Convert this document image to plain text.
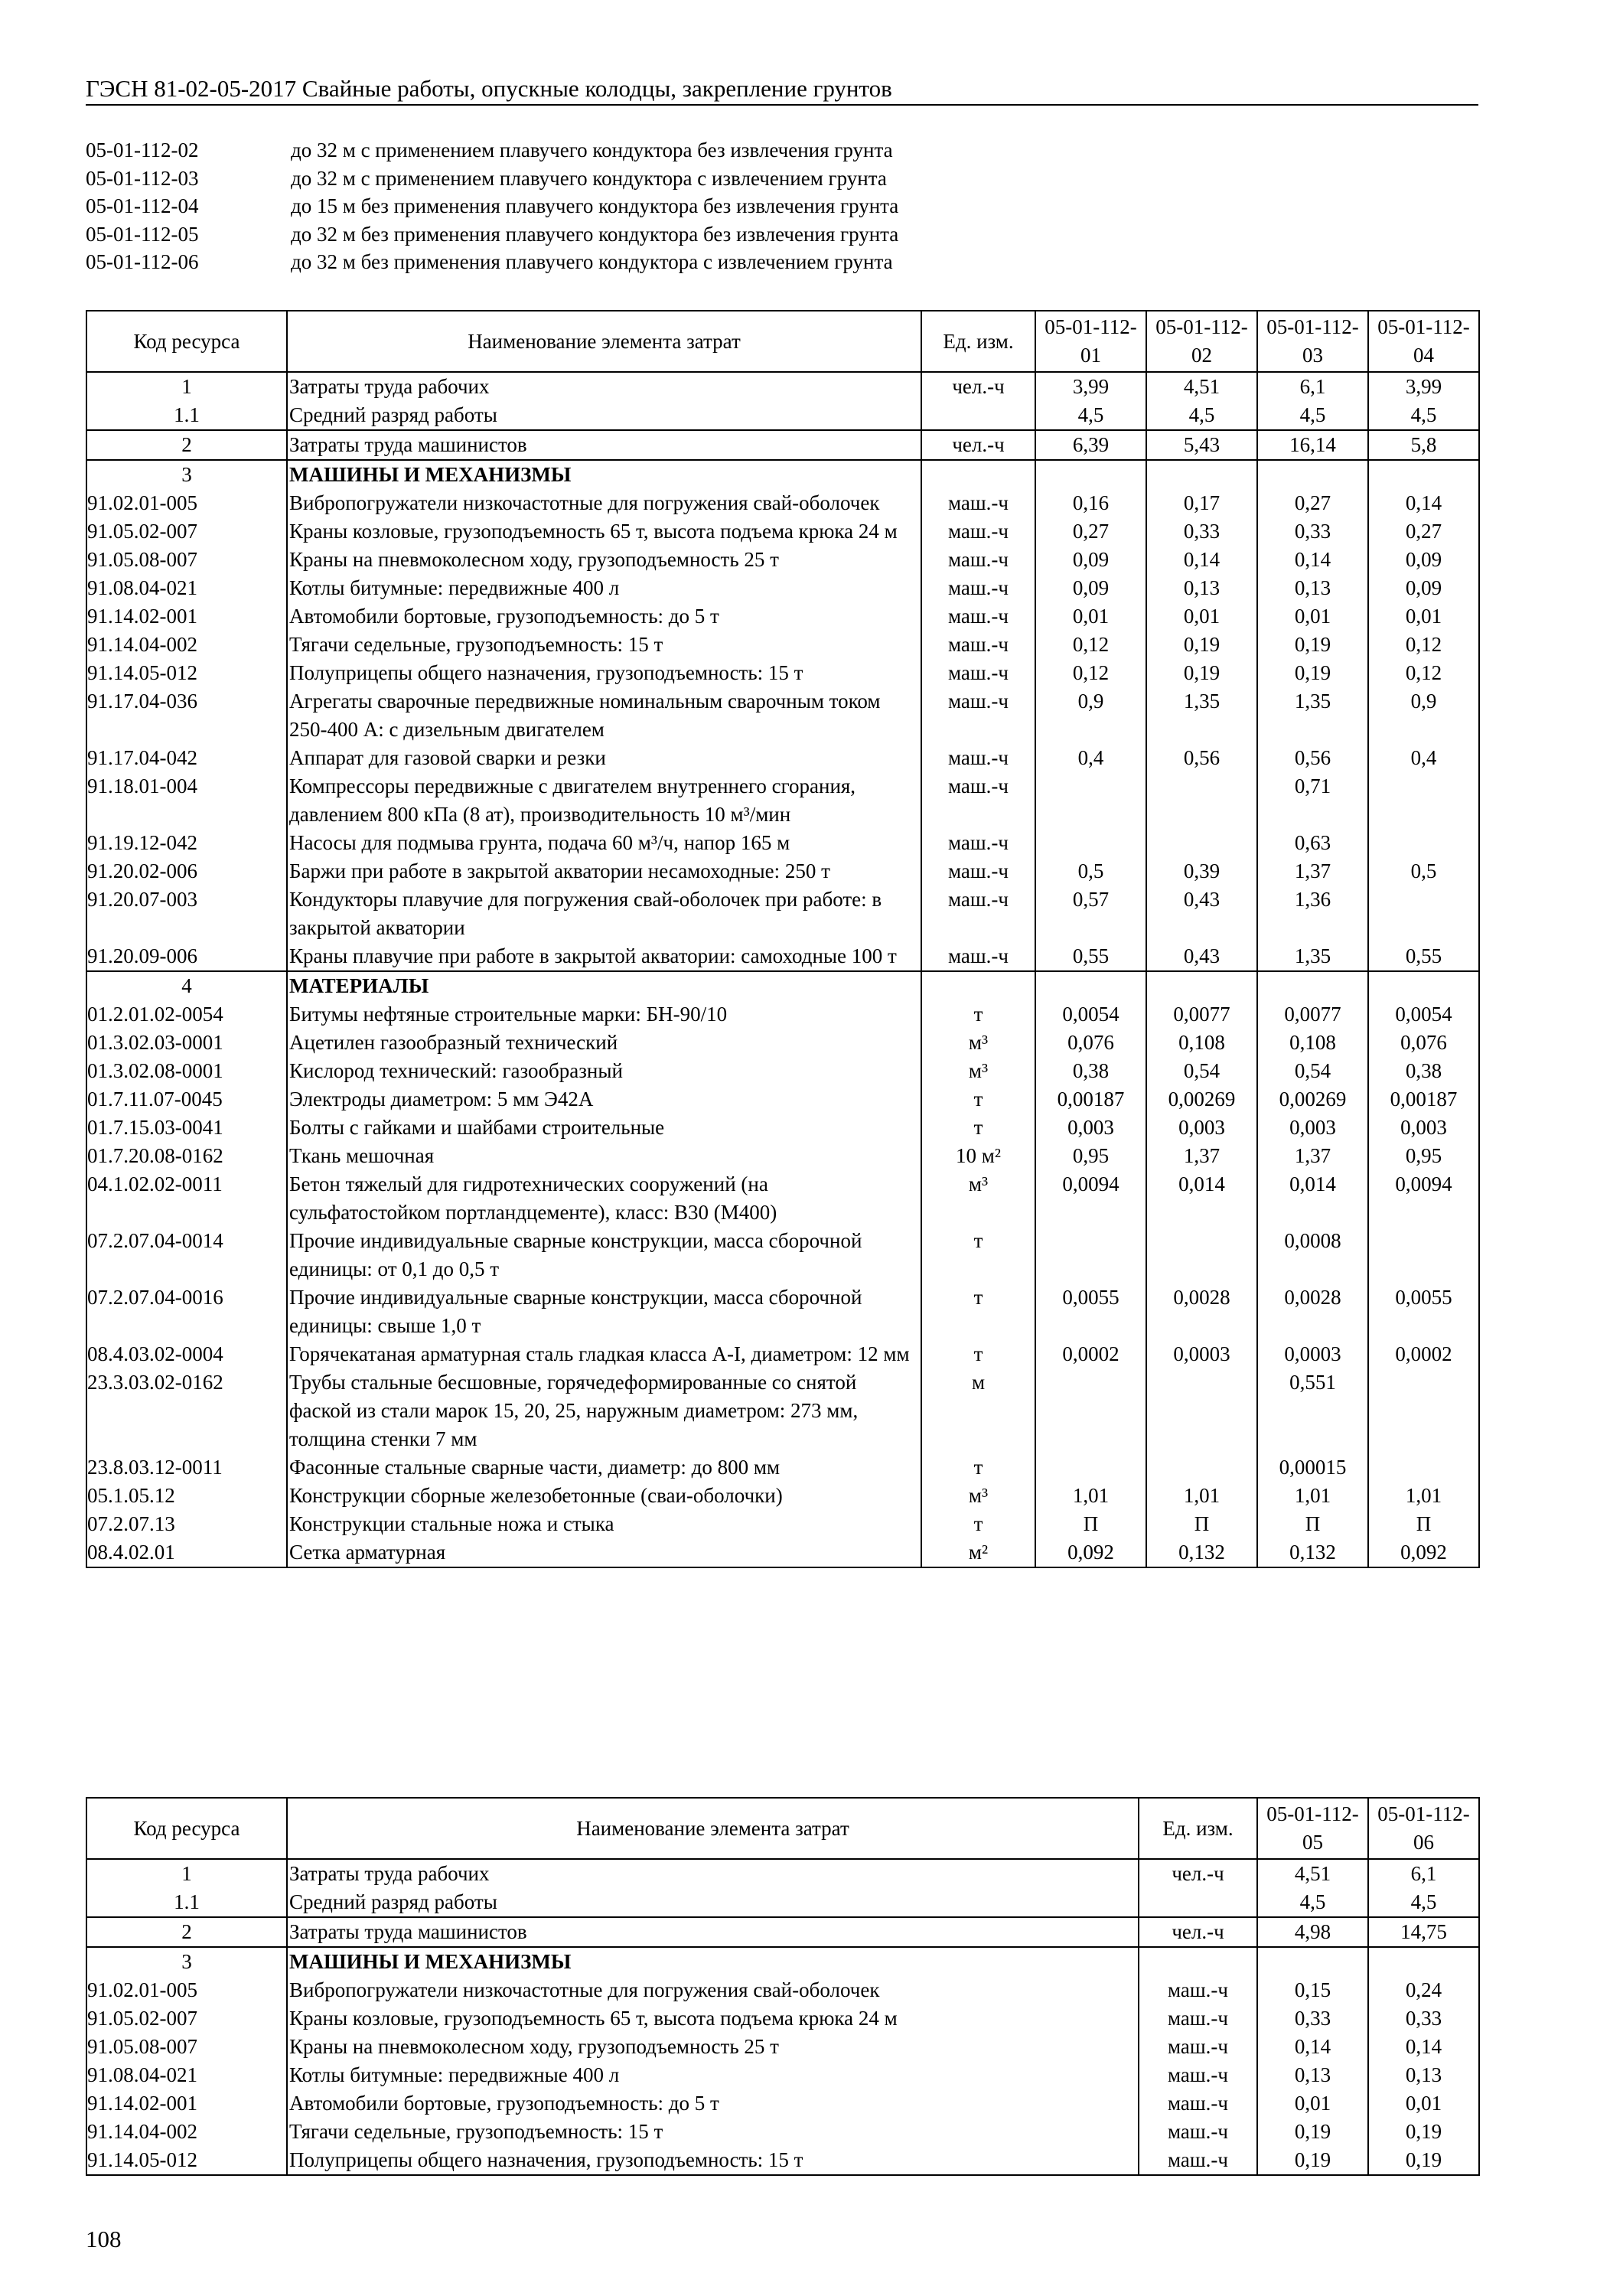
ГЭСН 81-02-05-2017 Свайные работы, опускные колодцы, закрепление грунтов
05-01-112-02	до 32 м с применением плавучего кондуктора без извлечения грунта
05-01-112-03	до 32 м с применением плавучего кондуктора с извлечением грунта
05-01-112-04	до 15 м без применения плавучего кондуктора без извлечения грунта
05-01-112-05	до 32 м без применения плавучего кондуктора без извлечения грунта
05-01-112-06	до 32 м без применения плавучего кондуктора с извлечением грунта
Код ресурса	Наименование элемента затрат	Ед. изм.	05-01-112-01	05-01-112-02	05-01-112-03	05-01-112-04
1	Затраты труда рабочих	чел.-ч	3,99	4,51	6,1	3,99
1.1	Средний разряд работы		4,5	4,5	4,5	4,5
2	Затраты труда машинистов	чел.-ч	6,39	5,43	16,14	5,8
3	МАШИНЫ И МЕХАНИЗМЫ					
91.02.01-005	Вибропогружатели низкочастотные для погружения свай-оболочек	маш.-ч	0,16	0,17	0,27	0,14
91.05.02-007	Краны козловые, грузоподъемность 65 т, высота подъема крюка 24 м	маш.-ч	0,27	0,33	0,33	0,27
91.05.08-007	Краны на пневмоколесном ходу, грузоподъемность 25 т	маш.-ч	0,09	0,14	0,14	0,09
91.08.04-021	Котлы битумные: передвижные 400 л	маш.-ч	0,09	0,13	0,13	0,09
91.14.02-001	Автомобили бортовые, грузоподъемность: до 5 т	маш.-ч	0,01	0,01	0,01	0,01
91.14.04-002	Тягачи седельные, грузоподъемность: 15 т	маш.-ч	0,12	0,19	0,19	0,12
91.14.05-012	Полуприцепы общего назначения, грузоподъемность: 15 т	маш.-ч	0,12	0,19	0,19	0,12
91.17.04-036	Агрегаты сварочные передвижные номинальным сварочным током 250-400 А: с дизельным двигателем	маш.-ч	0,9	1,35	1,35	0,9
91.17.04-042	Аппарат для газовой сварки и резки	маш.-ч	0,4	0,56	0,56	0,4
91.18.01-004	Компрессоры передвижные с двигателем внутреннего сгорания, давлением 800 кПа (8 ат), производительность 10 м³/мин	маш.-ч			0,71	
91.19.12-042	Насосы для подмыва грунта, подача 60 м³/ч, напор 165 м	маш.-ч			0,63	
91.20.02-006	Баржи при работе в закрытой акватории несамоходные: 250 т	маш.-ч	0,5	0,39	1,37	0,5
91.20.07-003	Кондукторы плавучие для погружения свай-оболочек при работе: в закрытой акватории	маш.-ч	0,57	0,43	1,36	
91.20.09-006	Краны плавучие при работе в закрытой акватории: самоходные 100 т	маш.-ч	0,55	0,43	1,35	0,55
4	МАТЕРИАЛЫ					
01.2.01.02-0054	Битумы нефтяные строительные марки: БН-90/10	т	0,0054	0,0077	0,0077	0,0054
01.3.02.03-0001	Ацетилен газообразный технический	м³	0,076	0,108	0,108	0,076
01.3.02.08-0001	Кислород технический: газообразный	м³	0,38	0,54	0,54	0,38
01.7.11.07-0045	Электроды диаметром: 5 мм Э42А	т	0,00187	0,00269	0,00269	0,00187
01.7.15.03-0041	Болты с гайками и шайбами строительные	т	0,003	0,003	0,003	0,003
01.7.20.08-0162	Ткань мешочная	10 м²	0,95	1,37	1,37	0,95
04.1.02.02-0011	Бетон тяжелый для гидротехнических сооружений (на сульфатостойком портландцементе), класс: В30 (М400)	м³	0,0094	0,014	0,014	0,0094
07.2.07.04-0014	Прочие индивидуальные сварные конструкции, масса сборочной единицы: от 0,1 до 0,5 т	т			0,0008	
07.2.07.04-0016	Прочие индивидуальные сварные конструкции, масса сборочной единицы: свыше 1,0 т	т	0,0055	0,0028	0,0028	0,0055
08.4.03.02-0004	Горячекатаная арматурная сталь гладкая класса А-I, диаметром: 12 мм	т	0,0002	0,0003	0,0003	0,0002
23.3.03.02-0162	Трубы стальные бесшовные, горячедеформированные со снятой фаской из стали марок 15, 20, 25, наружным диаметром: 273 мм, толщина стенки 7 мм	м			0,551	
23.8.03.12-0011	Фасонные стальные сварные части, диаметр: до 800 мм	т			0,00015	
05.1.05.12	Конструкции сборные железобетонные (сваи-оболочки)	м³	1,01	1,01	1,01	1,01
07.2.07.13	Конструкции стальные ножа и стыка	т	П	П	П	П
08.4.02.01	Сетка арматурная	м²	0,092	0,132	0,132	0,092
Код ресурса	Наименование элемента затрат	Ед. изм.	05-01-112-05	05-01-112-06
1	Затраты труда рабочих	чел.-ч	4,51	6,1
1.1	Средний разряд работы		4,5	4,5
2	Затраты труда машинистов	чел.-ч	4,98	14,75
3	МАШИНЫ И МЕХАНИЗМЫ			
91.02.01-005	Вибропогружатели низкочастотные для погружения свай-оболочек	маш.-ч	0,15	0,24
91.05.02-007	Краны козловые, грузоподъемность 65 т, высота подъема крюка 24 м	маш.-ч	0,33	0,33
91.05.08-007	Краны на пневмоколесном ходу, грузоподъемность 25 т	маш.-ч	0,14	0,14
91.08.04-021	Котлы битумные: передвижные 400 л	маш.-ч	0,13	0,13
91.14.02-001	Автомобили бортовые, грузоподъемность: до 5 т	маш.-ч	0,01	0,01
91.14.04-002	Тягачи седельные, грузоподъемность: 15 т	маш.-ч	0,19	0,19
91.14.05-012	Полуприцепы общего назначения, грузоподъемность: 15 т	маш.-ч	0,19	0,19
108
